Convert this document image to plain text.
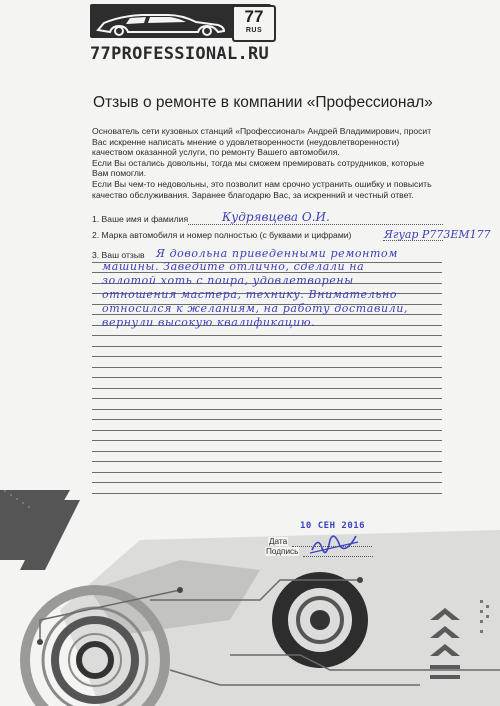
77
RUS
77PROFESSIONAL.RU
Отзыв о ремонте в компании «Профессионал»

Основатель сети кузовных станций «Профессионал» Андрей Владимирович, просит

Вас искренне написать мнение о удовлетворенности (неудовлетворенности)

качеством оказанной услуги, по ремонту Вашего автомобиля.

Если Вы остались довольны, тогда мы сможем премировать сотрудников, которые

Вам помогли.

Если Вы чем-то недовольны, это позволит нам срочно устранить ошибку и повысить

качество обслуживания. Заранее благодарю Вас, за искренний и честный ответ.

1. Ваше имя и фамилия	Кудрявцева О.И.
2. Марка автомобиля и номер полностью (с буквами и цифрами)	Ягуар Р773ЕМ177
3. Ваш отзыв Я довольна приведенными ремонтом
машины. Заведите отлично, сделали на
золотой хоть с поира, удовлетворены
отношения мастера, технику. Внимательно
относился к желаниям, на работу доставили,
вернули высокую квалификацию.
10 СЕН 2016
Дата
Подпись
